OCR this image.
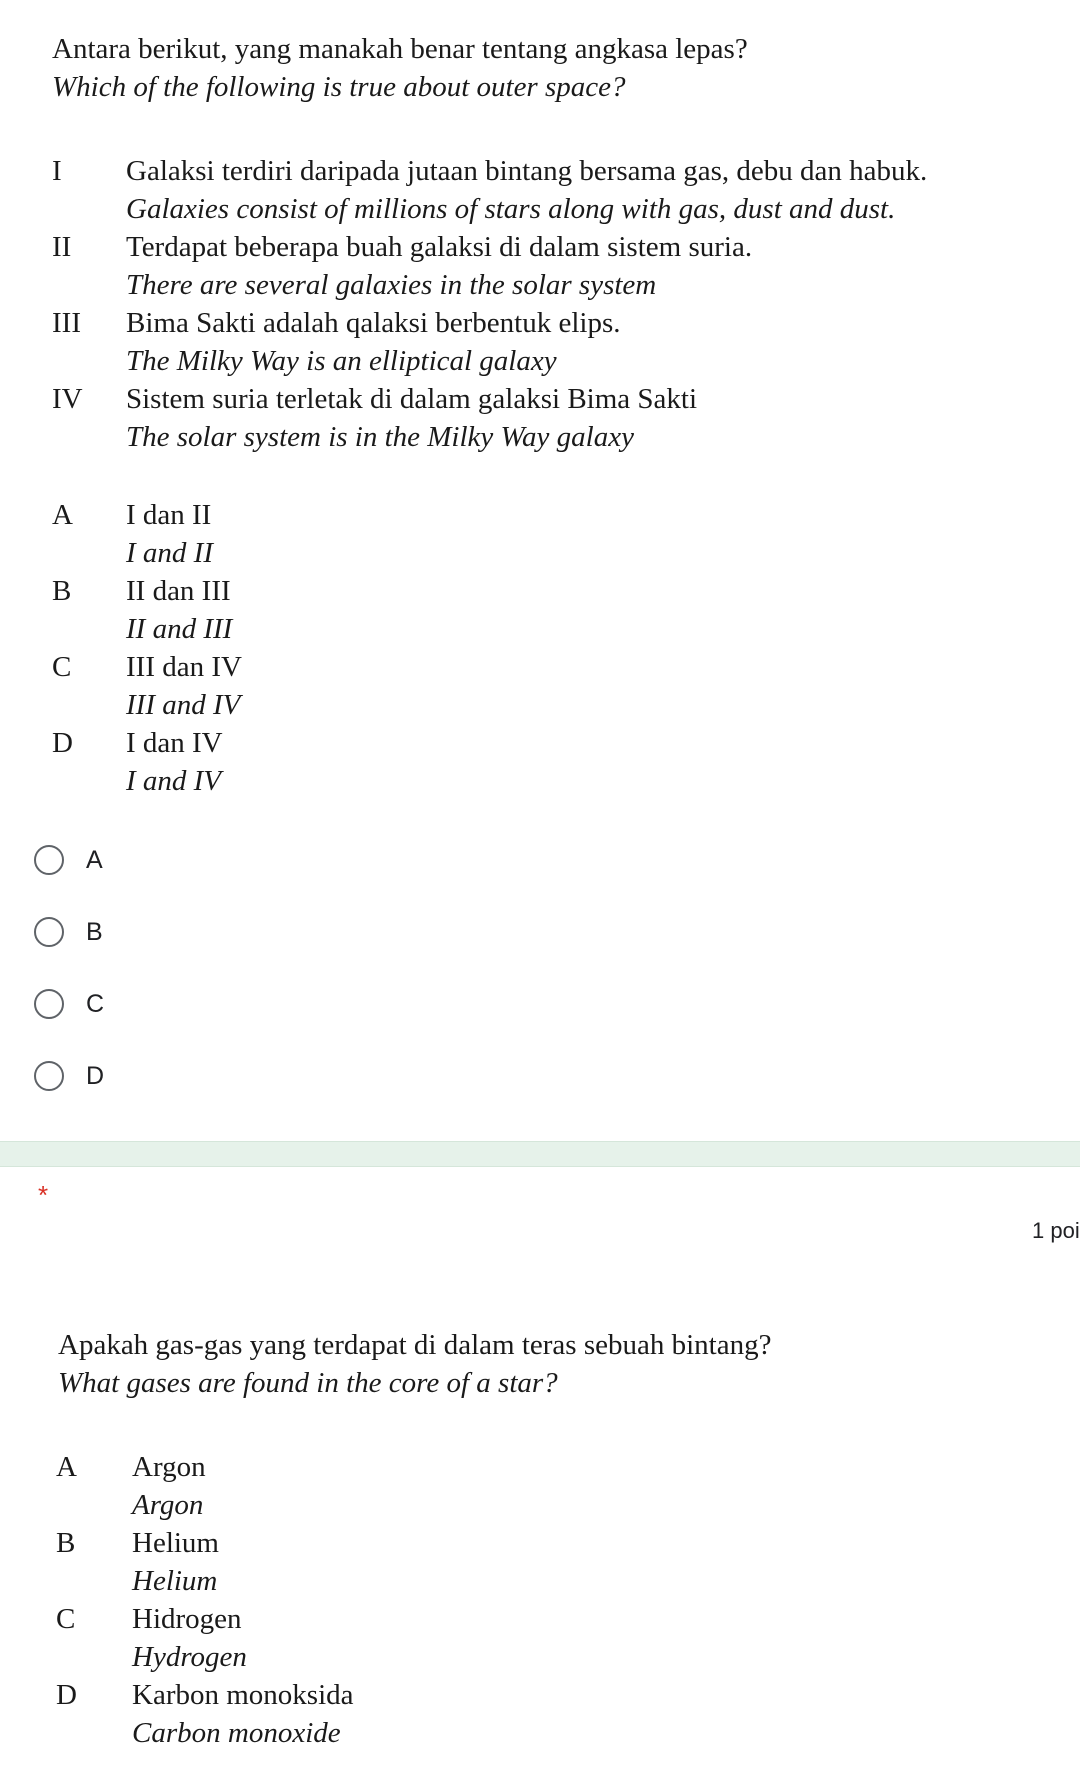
Antara berikut, yang manakah benar tentang angkasa lepas?
Which of the following is true about outer space?
I	Galaksi terdiri daripada jutaan bintang bersama gas, debu dan habuk.
Galaxies consist of millions of stars along with gas, dust and dust.
II	Terdapat beberapa buah galaksi di dalam sistem suria.
There are several galaxies in the solar system
III	Bima Sakti adalah qalaksi berbentuk elips.
The Milky Way is an elliptical galaxy
IV	Sistem suria terletak di dalam galaksi Bima Sakti
The solar system is in the Milky Way galaxy
A	I dan II
I and II
B	II dan III
II and III
C	III dan IV
III and IV
D	I dan IV
I and IV
A
B
C
D
*
1 poi
Apakah gas-gas yang terdapat di dalam teras sebuah bintang?
What gases are found in the core of a star?
A	Argon
Argon
B	Helium
Helium
C	Hidrogen
Hydrogen
D	Karbon monoksida
Carbon monoxide
